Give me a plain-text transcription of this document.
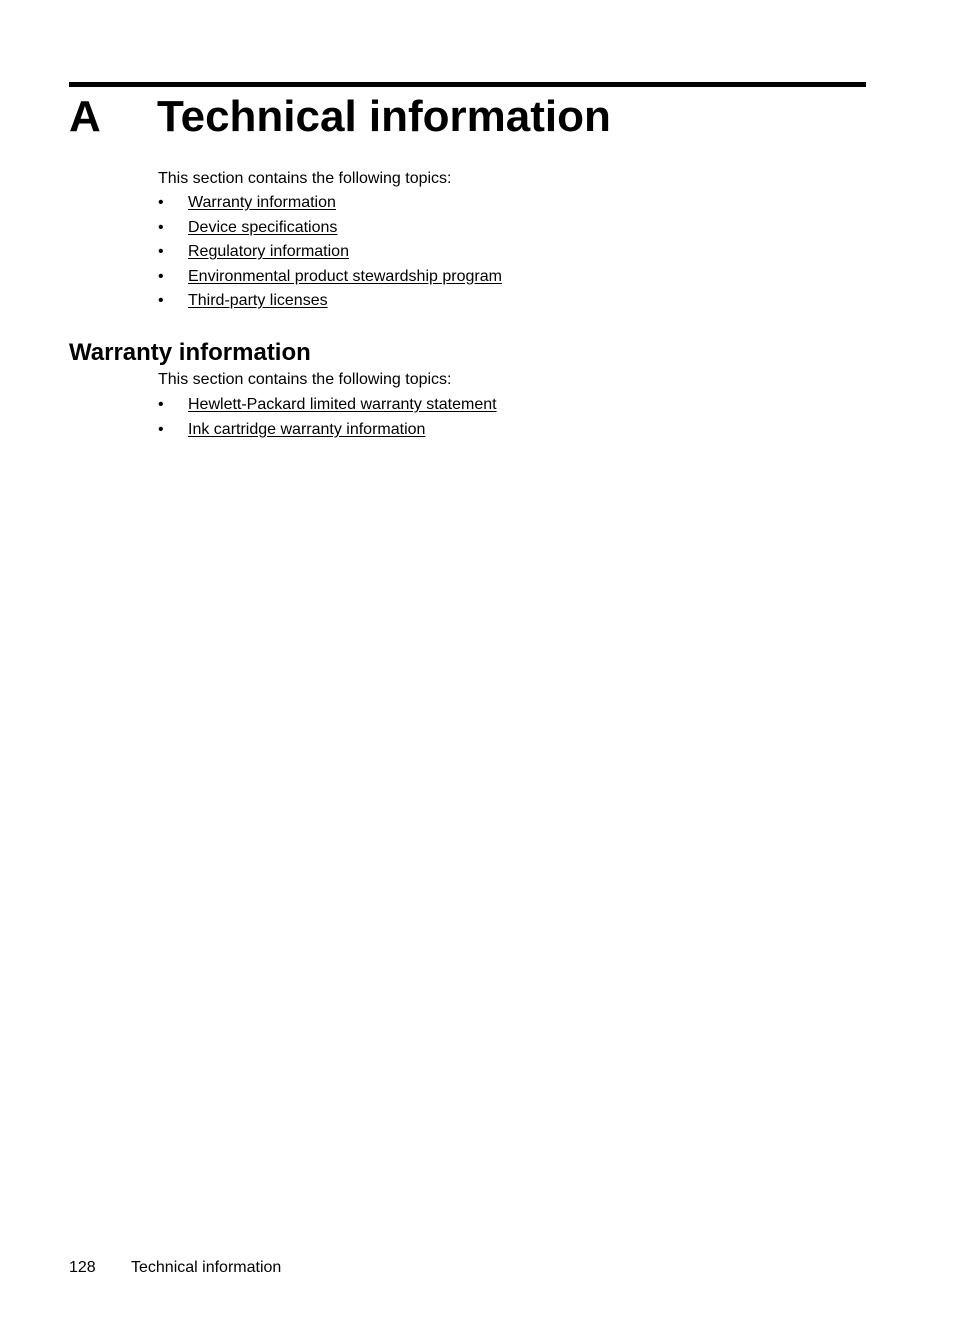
A Technical information
This section contains the following topics:
• Warranty information
• Device specifications
• Regulatory information
• Environmental product stewardship program
• Third-party licenses
Warranty information
This section contains the following topics:
• Hewlett-Packard limited warranty statement
• Ink cartridge warranty information
128 Technical information
